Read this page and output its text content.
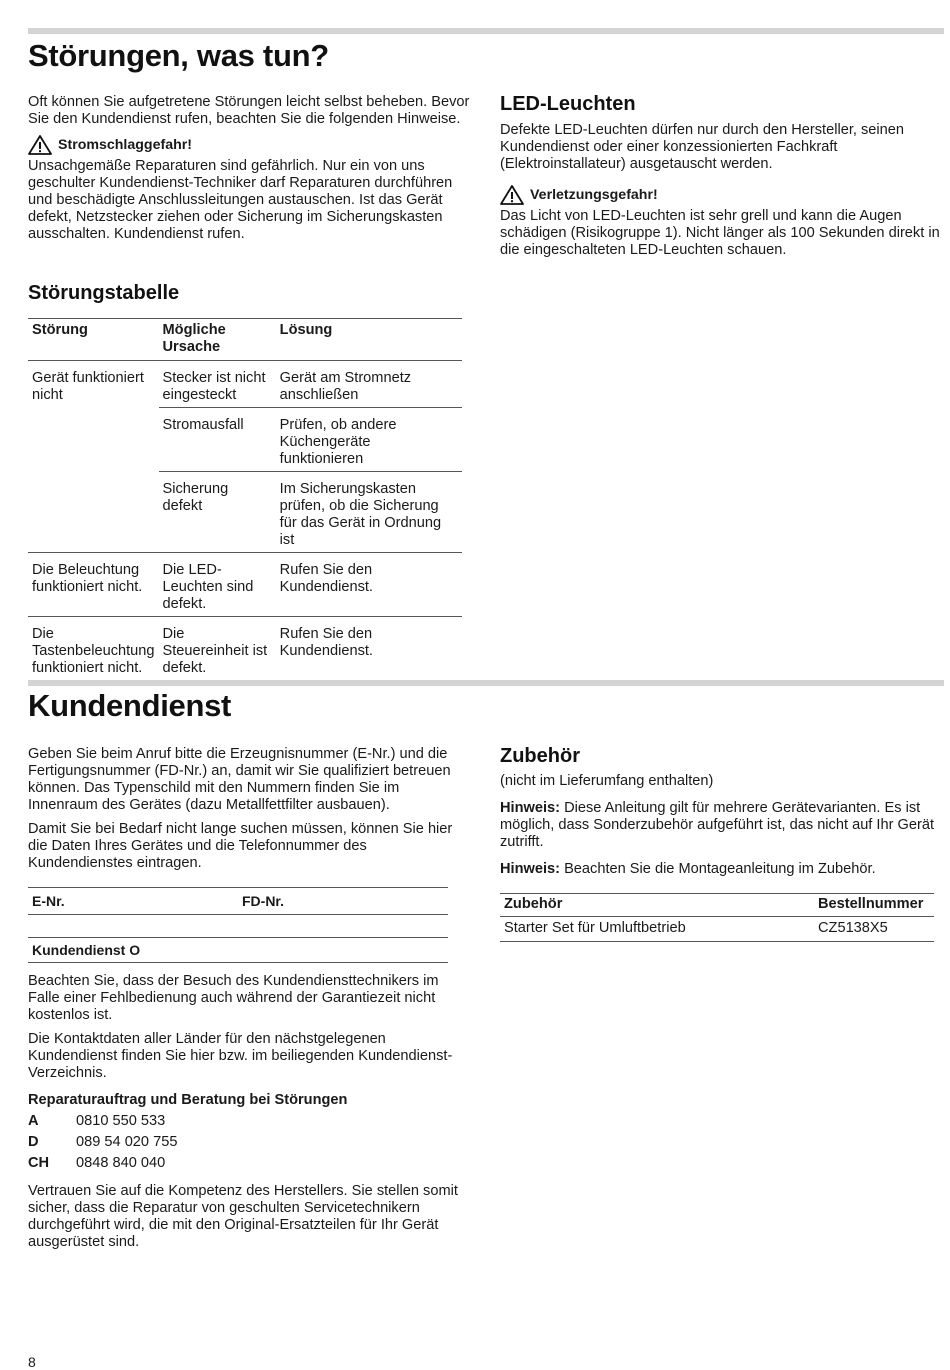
Störungen, was tun?

Oft können Sie aufgetretene Störungen leicht selbst beheben. Bevor Sie den Kundendienst rufen, beachten Sie die folgenden Hinweise.

Stromschlaggefahr!

Unsachgemäße Reparaturen sind gefährlich. Nur ein von uns geschulter Kundendienst-Techniker darf Reparaturen durchführen und beschädigte Anschlussleitungen austauschen. Ist das Gerät defekt, Netzstecker ziehen oder Sicherung im Sicherungskasten ausschalten. Kundendienst rufen.

Störungstabelle
Störung	Mögliche Ursache	Lösung
Gerät funktioniert nicht	Stecker ist nicht eingesteckt	Gerät am Stromnetz anschließen
	Stromausfall	Prüfen, ob andere Küchengeräte funktionieren
	Sicherung defekt	Im Sicherungskasten prüfen, ob die Sicherung für das Gerät in Ordnung ist
Die Beleuchtung funktioniert nicht.	Die LED-Leuchten sind defekt.	Rufen Sie den Kundendienst.
Die Tastenbeleuchtung funktioniert nicht.	Die Steuereinheit ist defekt.	Rufen Sie den Kundendienst.
LED-Leuchten

Defekte LED-Leuchten dürfen nur durch den Hersteller, seinen Kundendienst oder einer konzessionierten Fachkraft (Elektroinstallateur) ausgetauscht werden.

Verletzungsgefahr!

Das Licht von LED-Leuchten ist sehr grell und kann die Augen schädigen (Risikogruppe 1). Nicht länger als 100 Sekunden direkt in die eingeschalteten LED-Leuchten schauen.

Kundendienst

Geben Sie beim Anruf bitte die Erzeugnisnummer (E-Nr.) und die Fertigungsnummer (FD-Nr.) an, damit wir Sie qualifiziert betreuen können. Das Typenschild mit den Nummern finden Sie im Innenraum des Gerätes (dazu Metallfettfilter ausbauen).

Damit Sie bei Bedarf nicht lange suchen müssen, können Sie hier die Daten Ihres Gerätes und die Telefonnummer des Kundendienstes eintragen.

E-Nr.	FD-Nr.
Kundendienst O

Beachten Sie, dass der Besuch des Kundendiensttechnikers im Falle einer Fehlbedienung auch während der Garantiezeit nicht kostenlos ist.

Die Kontaktdaten aller Länder für den nächstgelegenen Kundendienst finden Sie hier bzw. im beiliegenden Kundendienst-Verzeichnis.

Reparaturauftrag und Beratung bei Störungen

A	0810 550 533
D	089 54 020 755
CH	0848 840 040

Vertrauen Sie auf die Kompetenz des Herstellers. Sie stellen somit sicher, dass die Reparatur von geschulten Servicetechnikern durchgeführt wird, die mit den Original-Ersatzteilen für Ihr Gerät ausgerüstet sind.

Zubehör

(nicht im Lieferumfang enthalten)

Hinweis: Diese Anleitung gilt für mehrere Gerätevarianten. Es ist möglich, dass Sonderzubehör aufgeführt ist, das nicht auf Ihr Gerät zutrifft.

Hinweis: Beachten Sie die Montageanleitung im Zubehör.

Zubehör	Bestellnummer
Starter Set für Umluftbetrieb	CZ5138X5
8
